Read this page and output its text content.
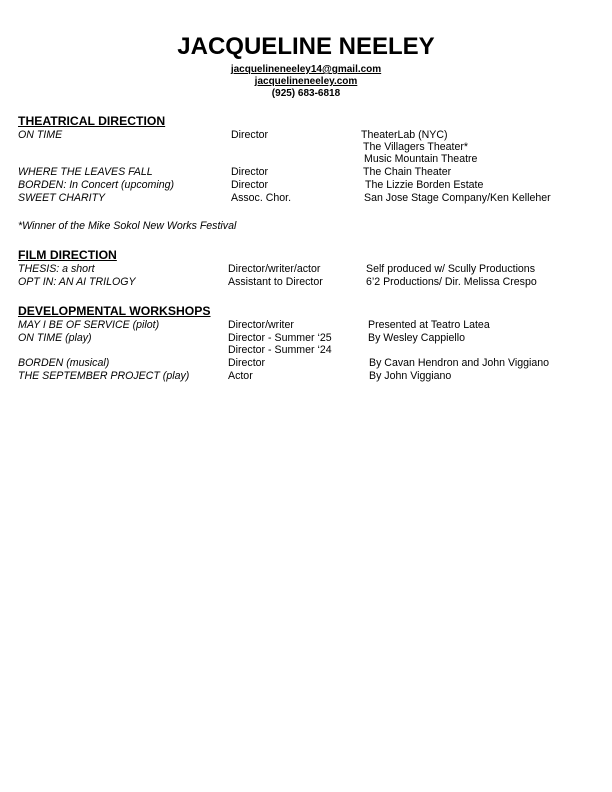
JACQUELINE NEELEY
jacquelineneeley14@gmail.com
jacquelineneeley.com
(925) 683-6818
THEATRICAL DIRECTION
ON TIME	Director	TheaterLab (NYC)
The Villagers Theater*
Music Mountain Theatre
WHERE THE LEAVES FALL	Director	The Chain Theater
BORDEN: In Concert (upcoming)	Director	The Lizzie Borden Estate
SWEET CHARITY	Assoc. Chor.	San Jose Stage Company/Ken Kelleher
*Winner of the Mike Sokol New Works Festival
FILM DIRECTION
THESIS: a short	Director/writer/actor	Self produced w/ Scully Productions
OPT IN: AN AI TRILOGY	Assistant to Director	6’2 Productions/ Dir. Melissa Crespo
DEVELOPMENTAL WORKSHOPS
MAY I BE OF SERVICE (pilot)	Director/writer	Presented at Teatro Latea
ON TIME (play)	Director - Summer ‘25	By Wesley Cappiello
Director - Summer ‘24
BORDEN (musical)	Director	By Cavan Hendron and John Viggiano
THE SEPTEMBER PROJECT (play)	Actor	By John Viggiano
